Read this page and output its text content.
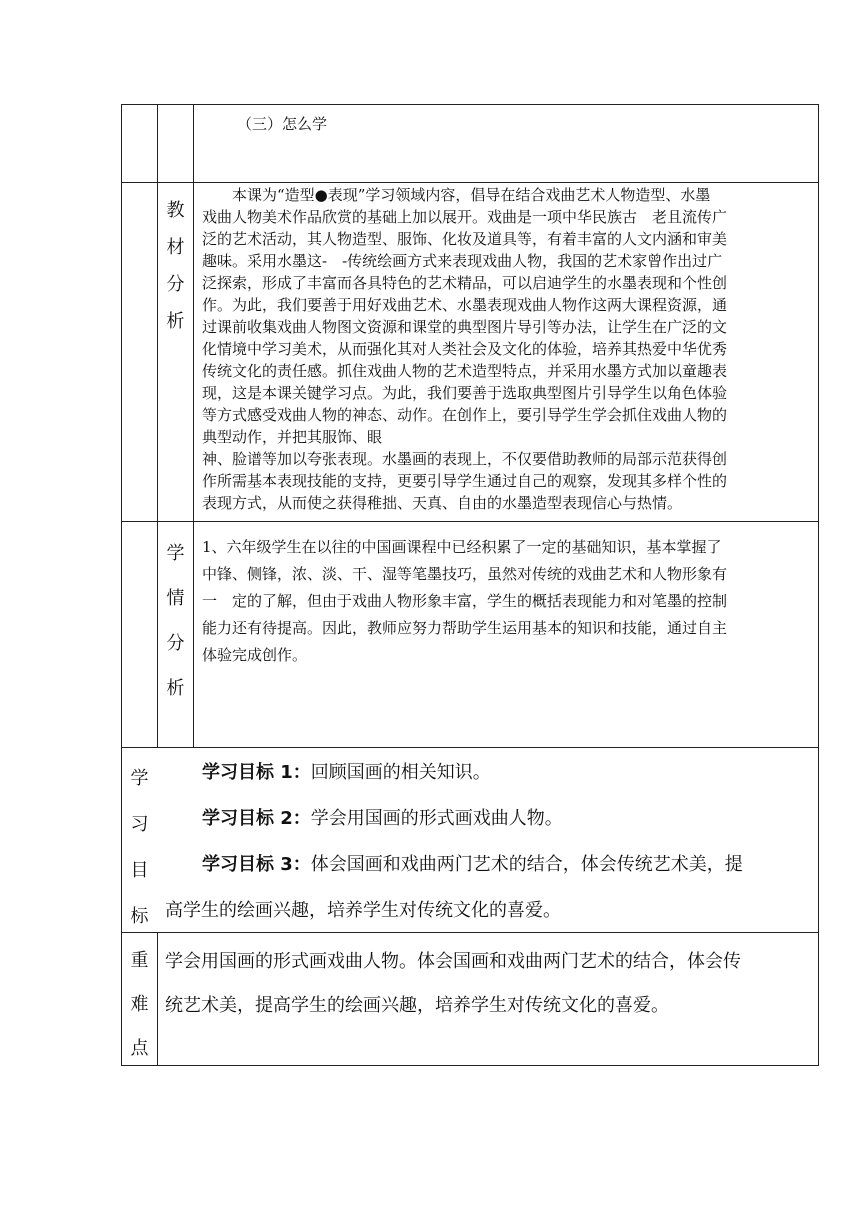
（三）怎么学
教
材
分
析

本课为“造型●表现”学习领域内容，倡导在结合戏曲艺术人物造型、水墨

戏曲人物美术作品欣赏的基础上加以展开。戏曲是一项中华民族古　老且流传广

泛的艺术活动，其人物造型、服饰、化妆及道具等，有着丰富的人文内涵和审美

趣味。采用水墨这-　-传统绘画方式来表现戏曲人物，我国的艺术家曾作出过广

泛探索，形成了丰富而各具特色的艺术精品，可以启迪学生的水墨表现和个性创

作。为此，我们要善于用好戏曲艺术、水墨表现戏曲人物作这两大课程资源，通

过课前收集戏曲人物图文资源和课堂的典型图片导引等办法，让学生在广泛的文

化情境中学习美术，从而强化其对人类社会及文化的体验，培养其热爱中华优秀

传统文化的责任感。抓住戏曲人物的艺术造型特点，并采用水墨方式加以童趣表

现，这是本课关键学习点。为此，我们要善于选取典型图片引导学生以角色体验

等方式感受戏曲人物的神态、动作。在创作上，要引导学生学会抓住戏曲人物的

典型动作，并把其服饰、眼

神、脸谱等加以夸张表现。水墨画的表现上，不仅要借助教师的局部示范获得创

作所需基本表现技能的支持，更要引导学生通过自己的观察，发现其多样个性的

表现方式，从而使之获得稚拙、天真、自由的水墨造型表现信心与热情。

学
情
分
析

1、六年级学生在以往的中国画课程中已经积累了一定的基础知识，基本掌握了

中锋、侧锋，浓、淡、干、湿等笔墨技巧，虽然对传统的戏曲艺术和人物形象有

一　定的了解，但由于戏曲人物形象丰富，学生的概括表现能力和对笔墨的控制

能力还有待提高。因此，教师应努力帮助学生运用基本的知识和技能，通过自主

体验完成创作。

学
习
目
标

学习目标 1：回顾国画的相关知识。

学习目标 2：学会用国画的形式画戏曲人物。

学习目标 3：体会国画和戏曲两门艺术的结合，体会传统艺术美，提

高学生的绘画兴趣，培养学生对传统文化的喜爱。

重
难
点

学会用国画的形式画戏曲人物。体会国画和戏曲两门艺术的结合，体会传

统艺术美，提高学生的绘画兴趣，培养学生对传统文化的喜爱。
